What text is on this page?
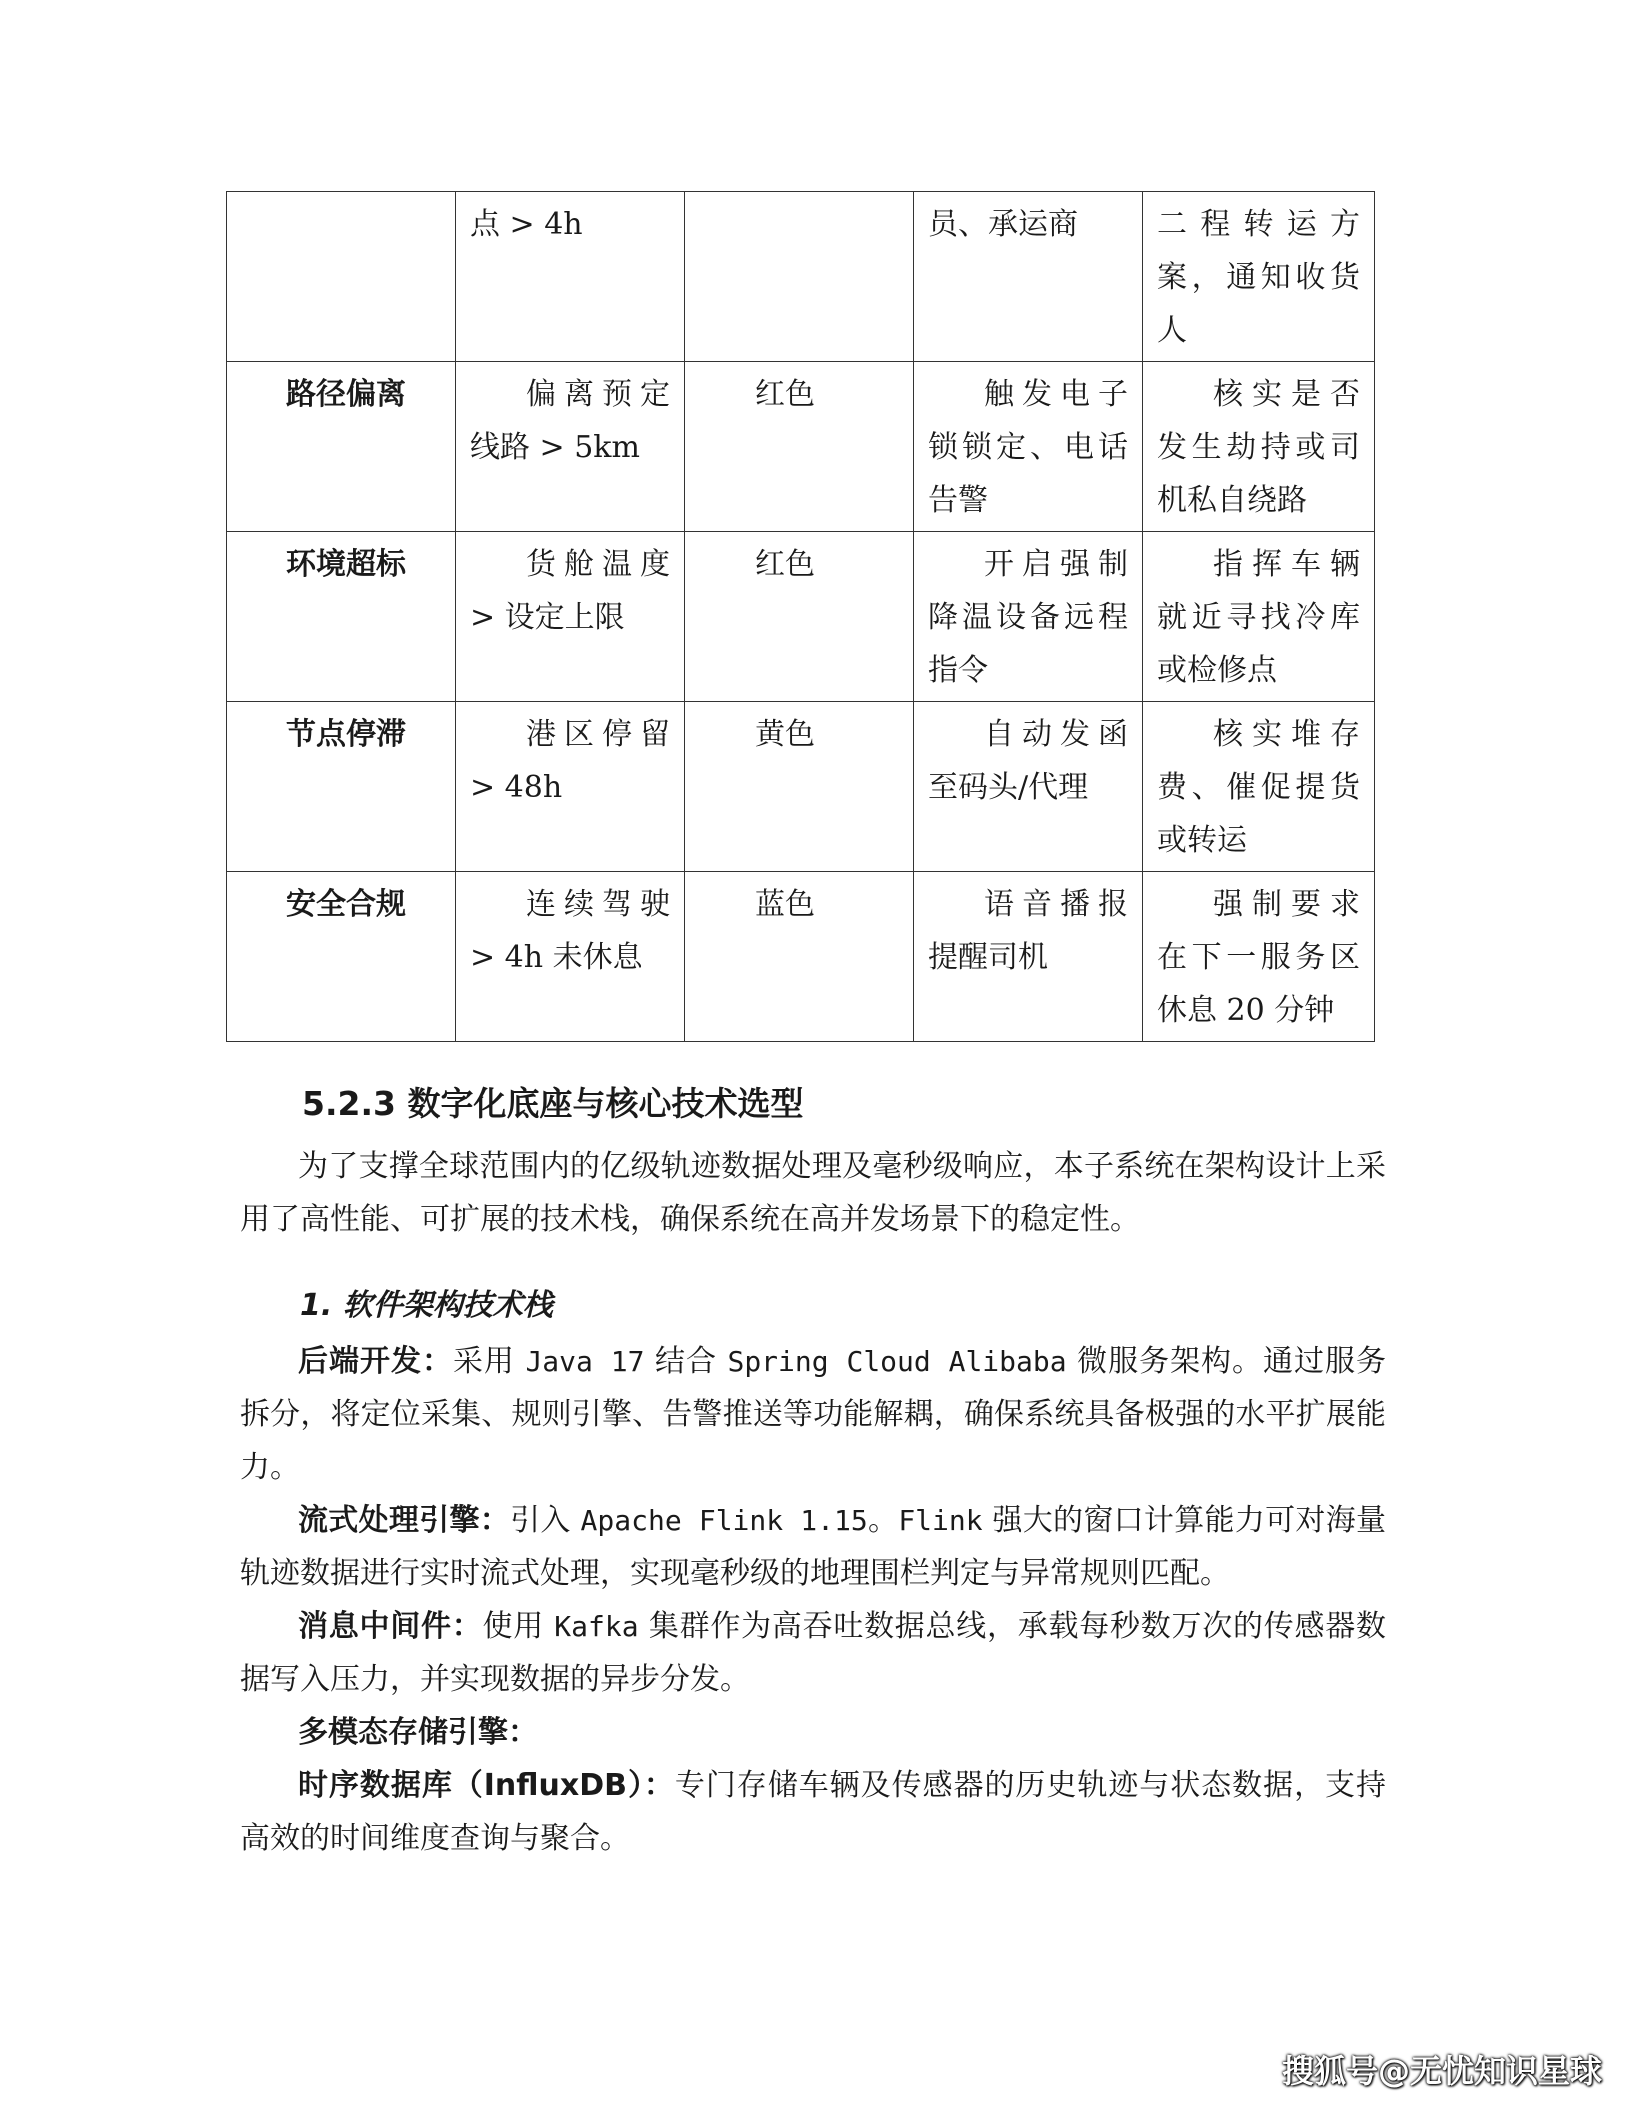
	点 > 4h		员、承运商	二程转运方案，通知收货人
路径偏离	偏离预定线路 > 5km	红色	触发电子锁锁定、电话告警	核实是否发生劫持或司机私自绕路
环境超标	货舱温度 > 设定上限	红色	开启强制降温设备远程指令	指挥车辆就近寻找冷库或检修点
节点停滞	港区停留 > 48h	黄色	自动发函至码头/代理	核实堆存费、催促提货或转运
安全合规	连续驾驶 > 4h 未休息	蓝色	语音播报提醒司机	强制要求在下一服务区休息 20 分钟
5.2.3 数字化底座与核心技术选型
为了支撑全球范围内的亿级轨迹数据处理及毫秒级响应，本子系统在架构设计上采用了高性能、可扩展的技术栈，确保系统在高并发场景下的稳定性。
1. 软件架构技术栈
后端开发：采用 Java 17 结合 Spring Cloud Alibaba 微服务架构。通过服务拆分，将定位采集、规则引擎、告警推送等功能解耦，确保系统具备极强的水平扩展能力。
流式处理引擎：引入 Apache Flink 1.15。Flink 强大的窗口计算能力可对海量轨迹数据进行实时流式处理，实现毫秒级的地理围栏判定与异常规则匹配。
消息中间件：使用 Kafka 集群作为高吞吐数据总线，承载每秒数万次的传感器数据写入压力，并实现数据的异步分发。
多模态存储引擎：
时序数据库（InfluxDB）：专门存储车辆及传感器的历史轨迹与状态数据，支持高效的时间维度查询与聚合。
搜狐号@无忧知识星球
